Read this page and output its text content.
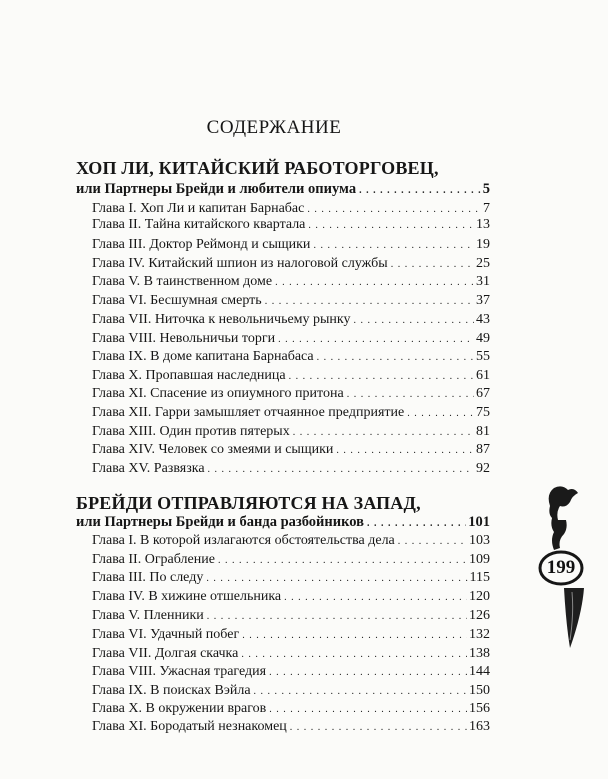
СОДЕРЖАНИЕ
ХОП ЛИ, КИТАЙСКИЙ РАБОТОРГОВЕЦ,
или Партнеры Брейди и любители опиума . . .	5
Глава I. Хоп Ли и капитан Барнабас . . .	7
Глава II. Тайна китайского квартала . . .	13
Глава III. Доктор Реймонд и сыщики . . .	19
Глава IV. Китайский шпион из налоговой службы . . .	25
Глава V. В таинственном доме . . .	31
Глава VI. Бесшумная смерть . . .	37
Глава VII. Ниточка к невольничьему рынку . . .	43
Глава VIII. Невольничьи торги . . .	49
Глава IX. В доме капитана Барнабаса . . .	55
Глава X. Пропавшая наследница . . .	61
Глава XI. Спасение из опиумного притона . . .	67
Глава XII. Гарри замышляет отчаянное предприятие . . .	75
Глава XIII. Один против пятерых . . .	81
Глава XIV. Человек со змеями и сыщики . . .	87
Глава XV. Развязка . . .	92
БРЕЙДИ ОТПРАВЛЯЮТСЯ НА ЗАПАД,
или Партнеры Брейди и банда разбойников . . .	101
Глава I. В которой излагаются обстоятельства дела . . .	103
Глава II. Ограбление . . .	109
Глава III. По следу . . .	115
Глава IV. В хижине отшельника . . .	120
Глава V. Пленники . . .	126
Глава VI. Удачный побег . . .	132
Глава VII. Долгая скачка . . .	138
Глава VIII. Ужасная трагедия . . .	144
Глава IX. В поисках Вэйла . . .	150
Глава X. В окружении врагов . . .	156
Глава XI. Бородатый незнакомец . . .	163
199
